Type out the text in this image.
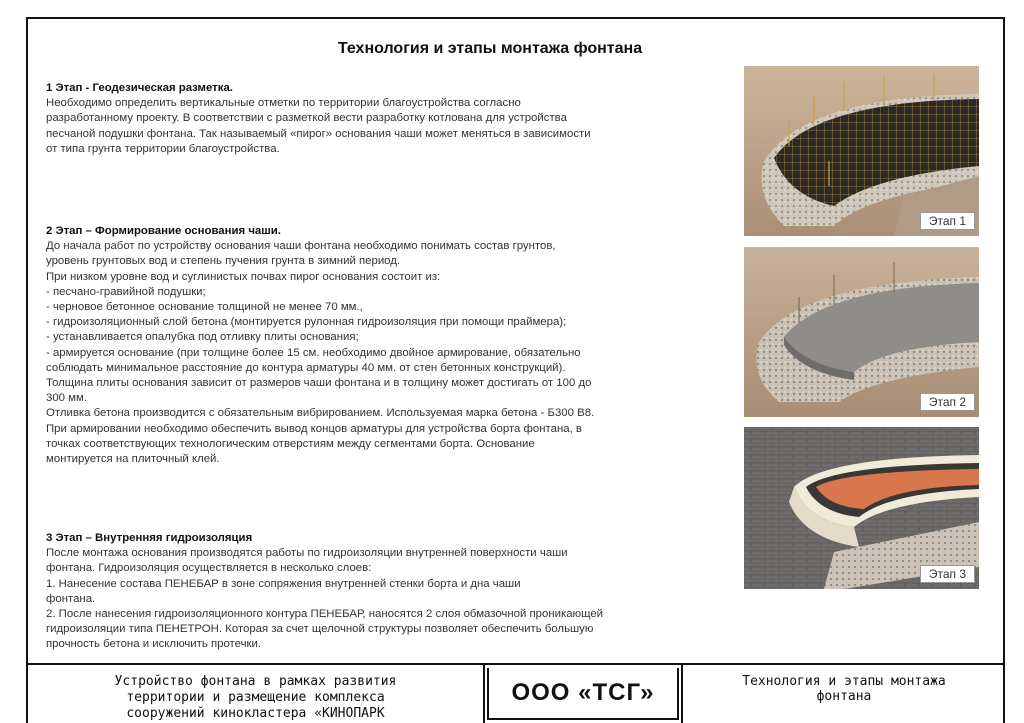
Технология и этапы монтажа фонтана
1 Этап - Геодезическая разметка.

Необходимо определить вертикальные отметки по территории благоустройства согласно
разработанному проекту. В соответствии с разметкой вести разработку котлована для устройства
песчаной подушки фонтана. Так называемый «пирог» основания чаши может меняться в зависимости
от типа грунта территории благоустройства.

2 Этап – Формирование основания чаши.

До начала работ по устройству основания чаши фонтана необходимо понимать состав грунтов,
уровень грунтовых вод и степень пучения грунта в зимний период.
При низком уровне вод и суглинистых почвах пирог основания состоит из:
- песчано-гравийной подушки;
- черновое бетонное основание толщиной не менее 70 мм.,
- гидроизоляционный слой бетона (монтируется рулонная гидроизоляция при помощи праймера);
- устанавливается опалубка под отливку плиты основания;
- армируется основание (при толщине более 15 см. необходимо двойное армирование, обязательно
соблюдать минимальное расстояние до контура арматуры 40 мм. от стен бетонных конструкций).
Толщина плиты основания зависит от размеров чаши фонтана и в толщину может достигать от 100 до
300 мм.
Отливка бетона производится с обязательным вибрированием. Используемая марка бетона - Б300 В8.
При армировании необходимо обеспечить вывод концов арматуры для устройства борта фонтана, в
точках соответствующих технологическим отверстиям между сегментами борта. Основание
монтируется на плиточный клей.

3 Этап – Внутренняя гидроизоляция

После монтажа основания производятся работы по гидроизоляции внутренней поверхности чаши
фонтана. Гидроизоляция осуществляется в несколько слоев:
1. Нанесение состава ПЕНЕБАР в зоне сопряжения внутренней стенки борта и дна чаши
фонтана.
2. После нанесения гидроизоляционного контура ПЕНЕБАР, наносятся 2 слоя обмазочной проникающей
гидроизоляции типа ПЕНЕТРОН. Которая за счет щелочной структуры позволяет обеспечить большую
прочность бетона и исключить протечки.

Этап 1
Этап 2
Этап 3
Устройство фонтана в рамках развития
территории и размещение комплекса
сооружений кинокластера «КИНОПАРК
ООО «ТСГ»	Технология и этапы монтажа
фонтана
